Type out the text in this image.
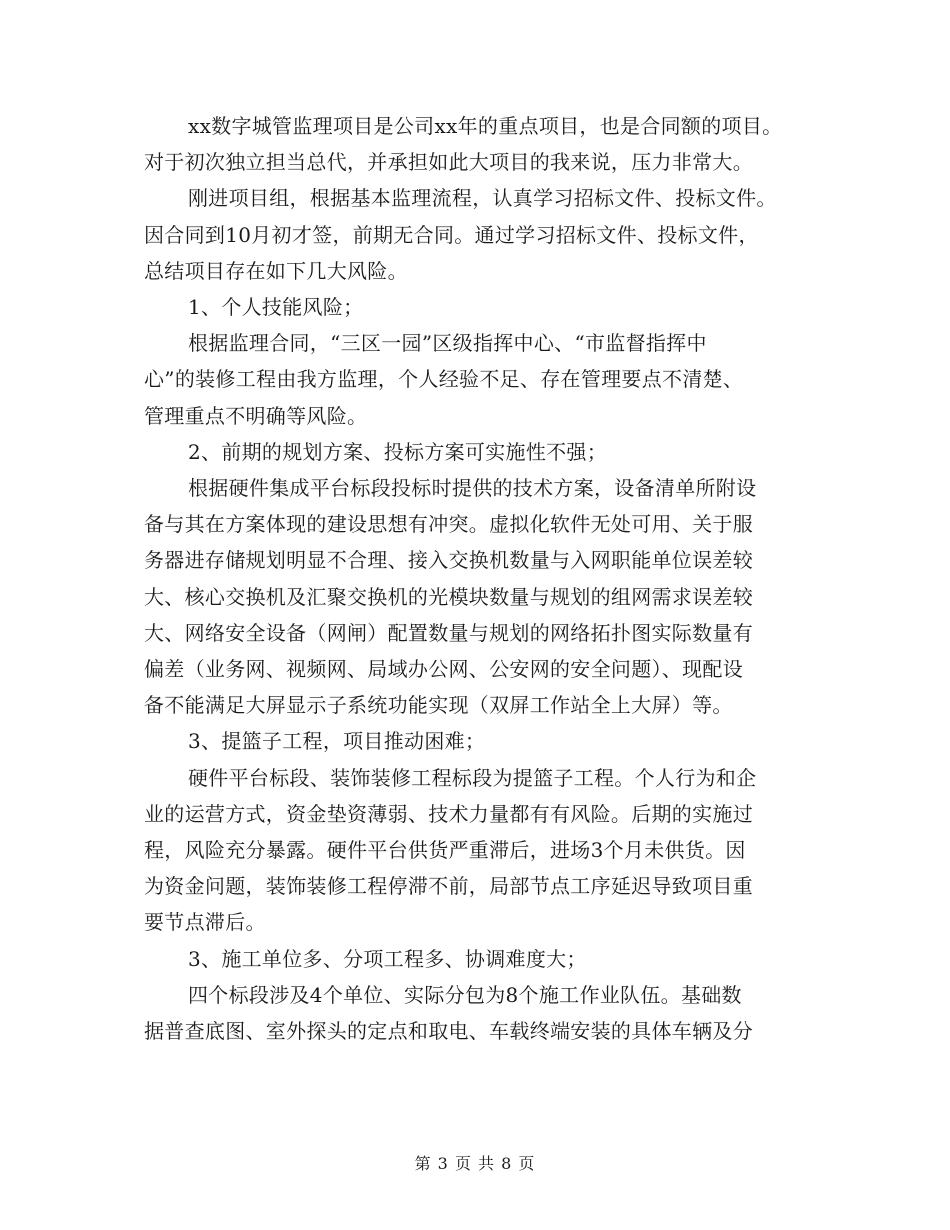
xx数字城管监理项目是公司xx年的重点项目，也是合同额的项目。
对于初次独立担当总代，并承担如此大项目的我来说，压力非常大。
刚进项目组，根据基本监理流程，认真学习招标文件、投标文件。
因合同到10月初才签，前期无合同。通过学习招标文件、投标文件，
总结项目存在如下几大风险。
1、个人技能风险；
根据监理合同，“三区一园”区级指挥中心、“市监督指挥中
心”的装修工程由我方监理，个人经验不足、存在管理要点不清楚、
管理重点不明确等风险。
2、前期的规划方案、投标方案可实施性不强；
根据硬件集成平台标段投标时提供的技术方案，设备清单所附设
备与其在方案体现的建设思想有冲突。虚拟化软件无处可用、关于服
务器进存储规划明显不合理、接入交换机数量与入网职能单位误差较
大、核心交换机及汇聚交换机的光模块数量与规划的组网需求误差较
大、网络安全设备（网闸）配置数量与规划的网络拓扑图实际数量有
偏差（业务网、视频网、局域办公网、公安网的安全问题）、现配设
备不能满足大屏显示子系统功能实现（双屏工作站全上大屏）等。
3、提篮子工程，项目推动困难；
硬件平台标段、装饰装修工程标段为提篮子工程。个人行为和企
业的运营方式，资金垫资薄弱、技术力量都有有风险。后期的实施过
程，风险充分暴露。硬件平台供货严重滞后，进场3个月未供货。因
为资金问题，装饰装修工程停滞不前，局部节点工序延迟导致项目重
要节点滞后。
3、施工单位多、分项工程多、协调难度大；
四个标段涉及4个单位、实际分包为8个施工作业队伍。基础数
据普查底图、室外探头的定点和取电、车载终端安装的具体车辆及分
第 3 页 共 8 页
